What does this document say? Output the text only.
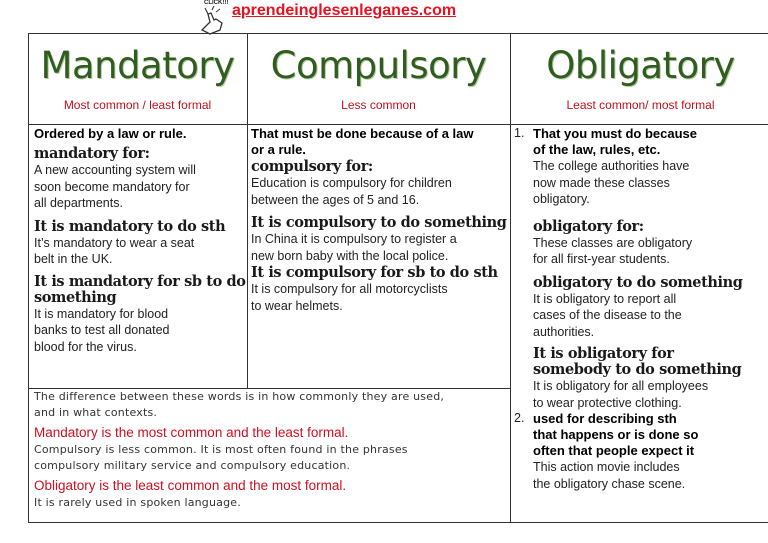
CLICK!!! aprendeinglesenleganes.com
Mandatory
Most common / least formal
Compulsory
Less common
Obligatory
Least common/ most formal

Ordered by a law or rule.

mandatory for:

A new accounting system will

soon become mandatory for

all departments.

It is mandatory to do sth

It’s mandatory to wear a seat

belt in the UK.

It is mandatory for sb to do

something

It is mandatory for blood

banks to test all donated

blood for the virus.

That must be done because of a law

or a rule.

compulsory for:

Education is compulsory for children

between the ages of 5 and 16.

It is compulsory to do something

In China it is compulsory to register a

new born baby with the local police.

It is compulsory for sb to do sth

It is compulsory for all motorcyclists

to wear helmets.

1. That you must do because

of the law, rules, etc.

The college authorities have

now made these classes

obligatory.

obligatory for:

These classes are obligatory

for all first-year students.

obligatory to do something

It is obligatory to report all

cases of the disease to the

authorities.

It is obligatory for

somebody to do something

It is obligatory for all employees

to wear protective clothing.

2. used for describing sth

that happens or is done so

often that people expect it

This action movie includes

the obligatory chase scene.

The difference between these words is in how commonly they are used,

and in what contexts.

Mandatory is the most common and the least formal.

Compulsory is less common. It is most often found in the phrases

compulsory military service and compulsory education.

Obligatory is the least common and the most formal.

It is rarely used in spoken language.
